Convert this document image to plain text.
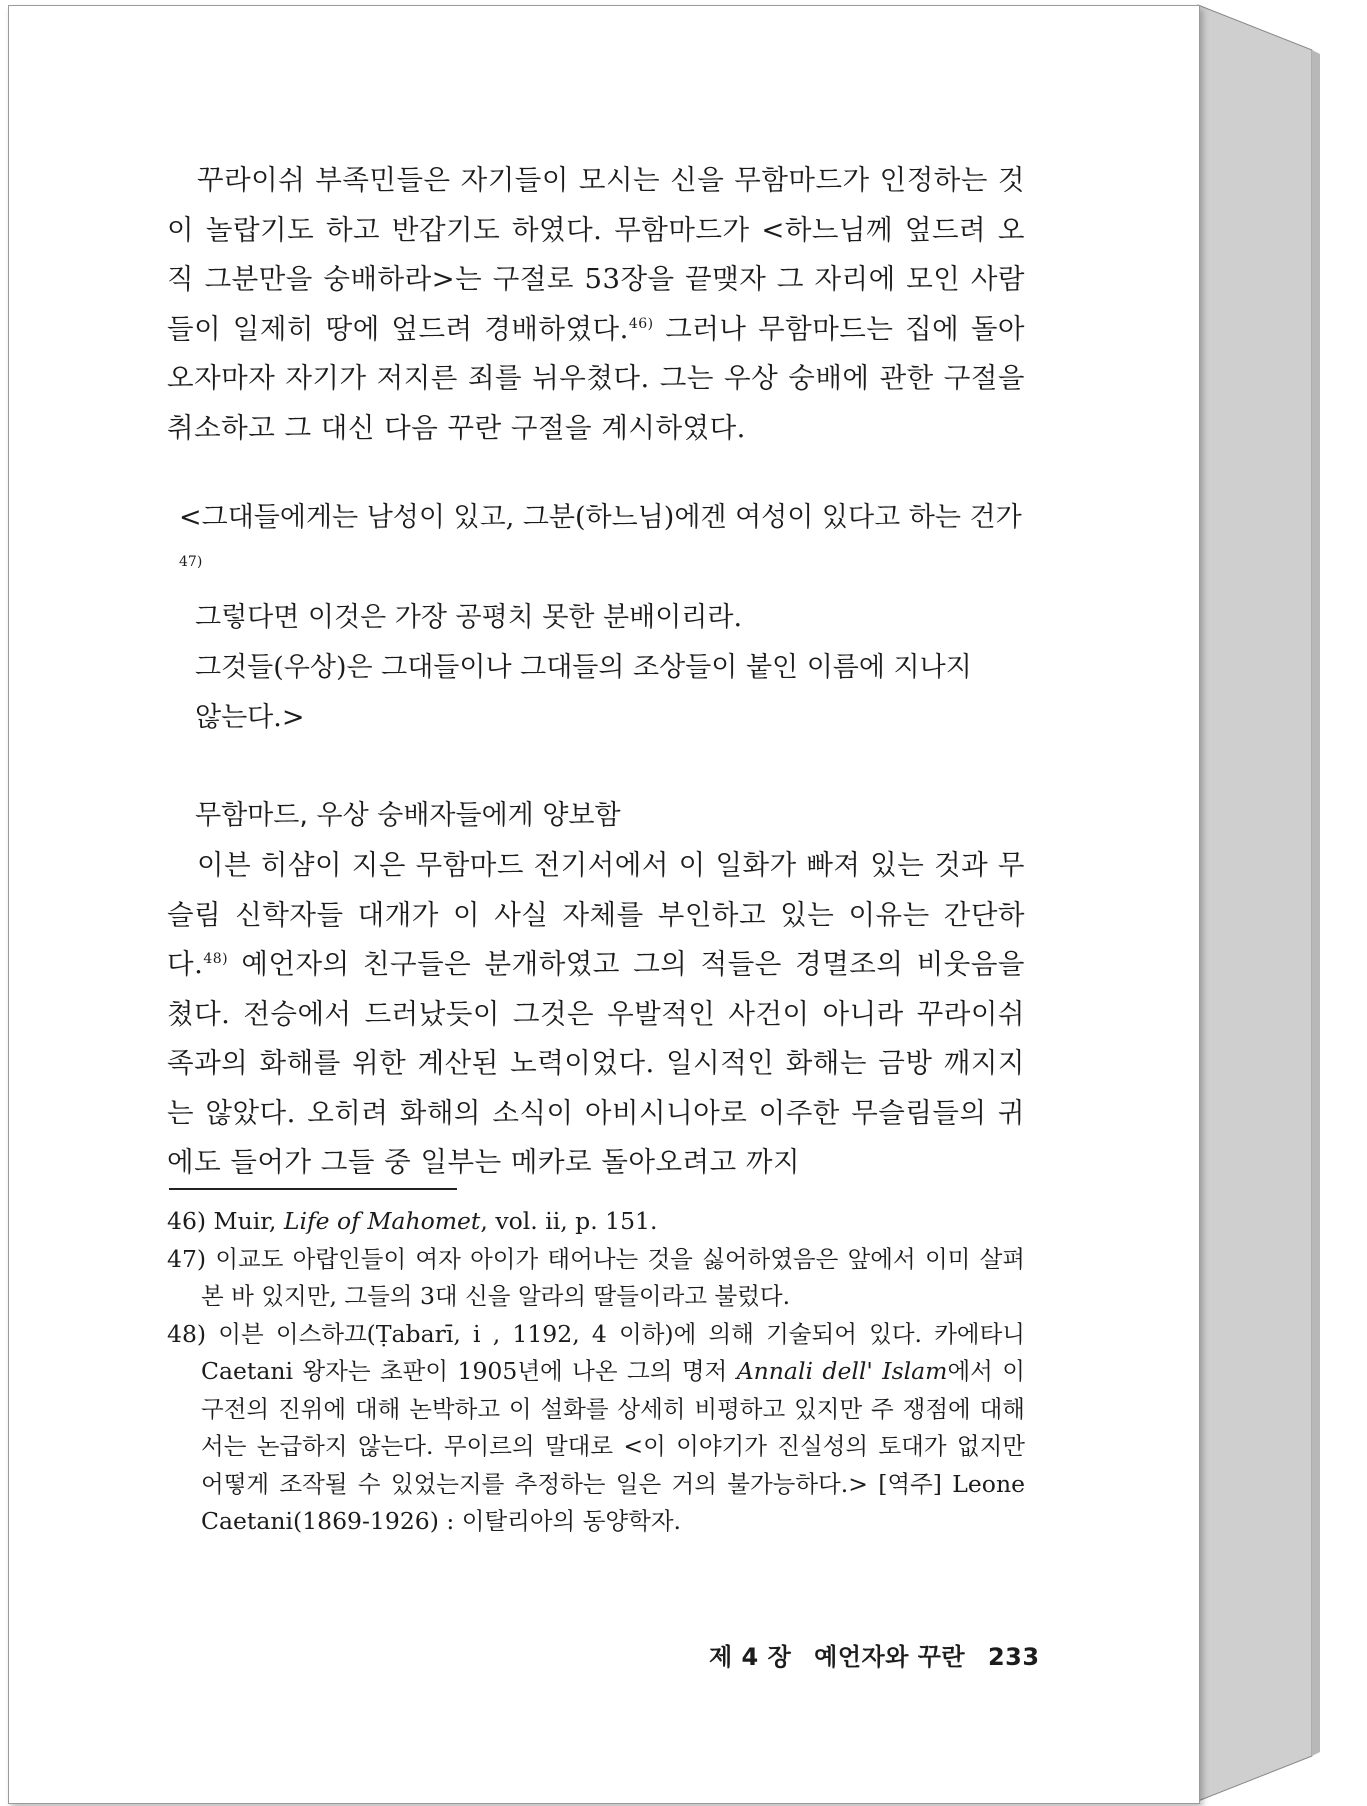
꾸라이쉬 부족민들은 자기들이 모시는 신을 무함마드가 인정하는 것이 놀랍기도 하고 반갑기도 하였다. 무함마드가 <하느님께 엎드려 오직 그분만을 숭배하라>는 구절로 53장을 끝맺자 그 자리에 모인 사람들이 일제히 땅에 엎드려 경배하였다.$^{46)}$ 그러나 무함마드는 집에 돌아오자마자 자기가 저지른 죄를 뉘우쳤다. 그는 우상 숭배에 관한 구절을 취소하고 그 대신 다음 꾸란 구절을 계시하였다.

<그대들에게는 남성이 있고, 그분(하느님)에겐 여성이 있다고 하는 건가$^{47)}$
그렇다면 이것은 가장 공평치 못한 분배이리라.
그것들(우상)은 그대들이나 그대들의 조상들이 붙인 이름에 지나지
않는다.>
무함마드, 우상 숭배자들에게 양보함

이븐 히샴이 지은 무함마드 전기서에서 이 일화가 빠져 있는 것과 무슬림 신학자들 대개가 이 사실 자체를 부인하고 있는 이유는 간단하다.$^{48)}$ 예언자의 친구들은 분개하였고 그의 적들은 경멸조의 비웃음을 쳤다. 전승에서 드러났듯이 그것은 우발적인 사건이 아니라 꾸라이쉬족과의 화해를 위한 계산된 노력이었다. 일시적인 화해는 금방 깨지지는 않았다. 오히려 화해의 소식이 아비시니아로 이주한 무슬림들의 귀에도 들어가 그들 중 일부는 메카로 돌아오려고 까지

46) Muir, Life of Mahomet, vol. ii, p. 151.

47) 이교도 아랍인들이 여자 아이가 태어나는 것을 싫어하였음은 앞에서 이미 살펴본 바 있지만, 그들의 3대 신을 알라의 딸들이라고 불렀다.

48) 이븐 이스하끄(Ṭabarī, i , 1192, 4 이하)에 의해 기술되어 있다. 카에타니Caetani 왕자는 초판이 1905년에 나온 그의 명저 Annali dell' Islam에서 이 구전의 진위에 대해 논박하고 이 설화를 상세히 비평하고 있지만 주 쟁점에 대해서는 논급하지 않는다. 무이르의 말대로 <이 이야기가 진실성의 토대가 없지만 어떻게 조작될 수 있었는지를 추정하는 일은 거의 불가능하다.> [역주] Leone Caetani(1869-1926) : 이탈리아의 동양학자.

제 4 장 예언자와 꾸란 233
